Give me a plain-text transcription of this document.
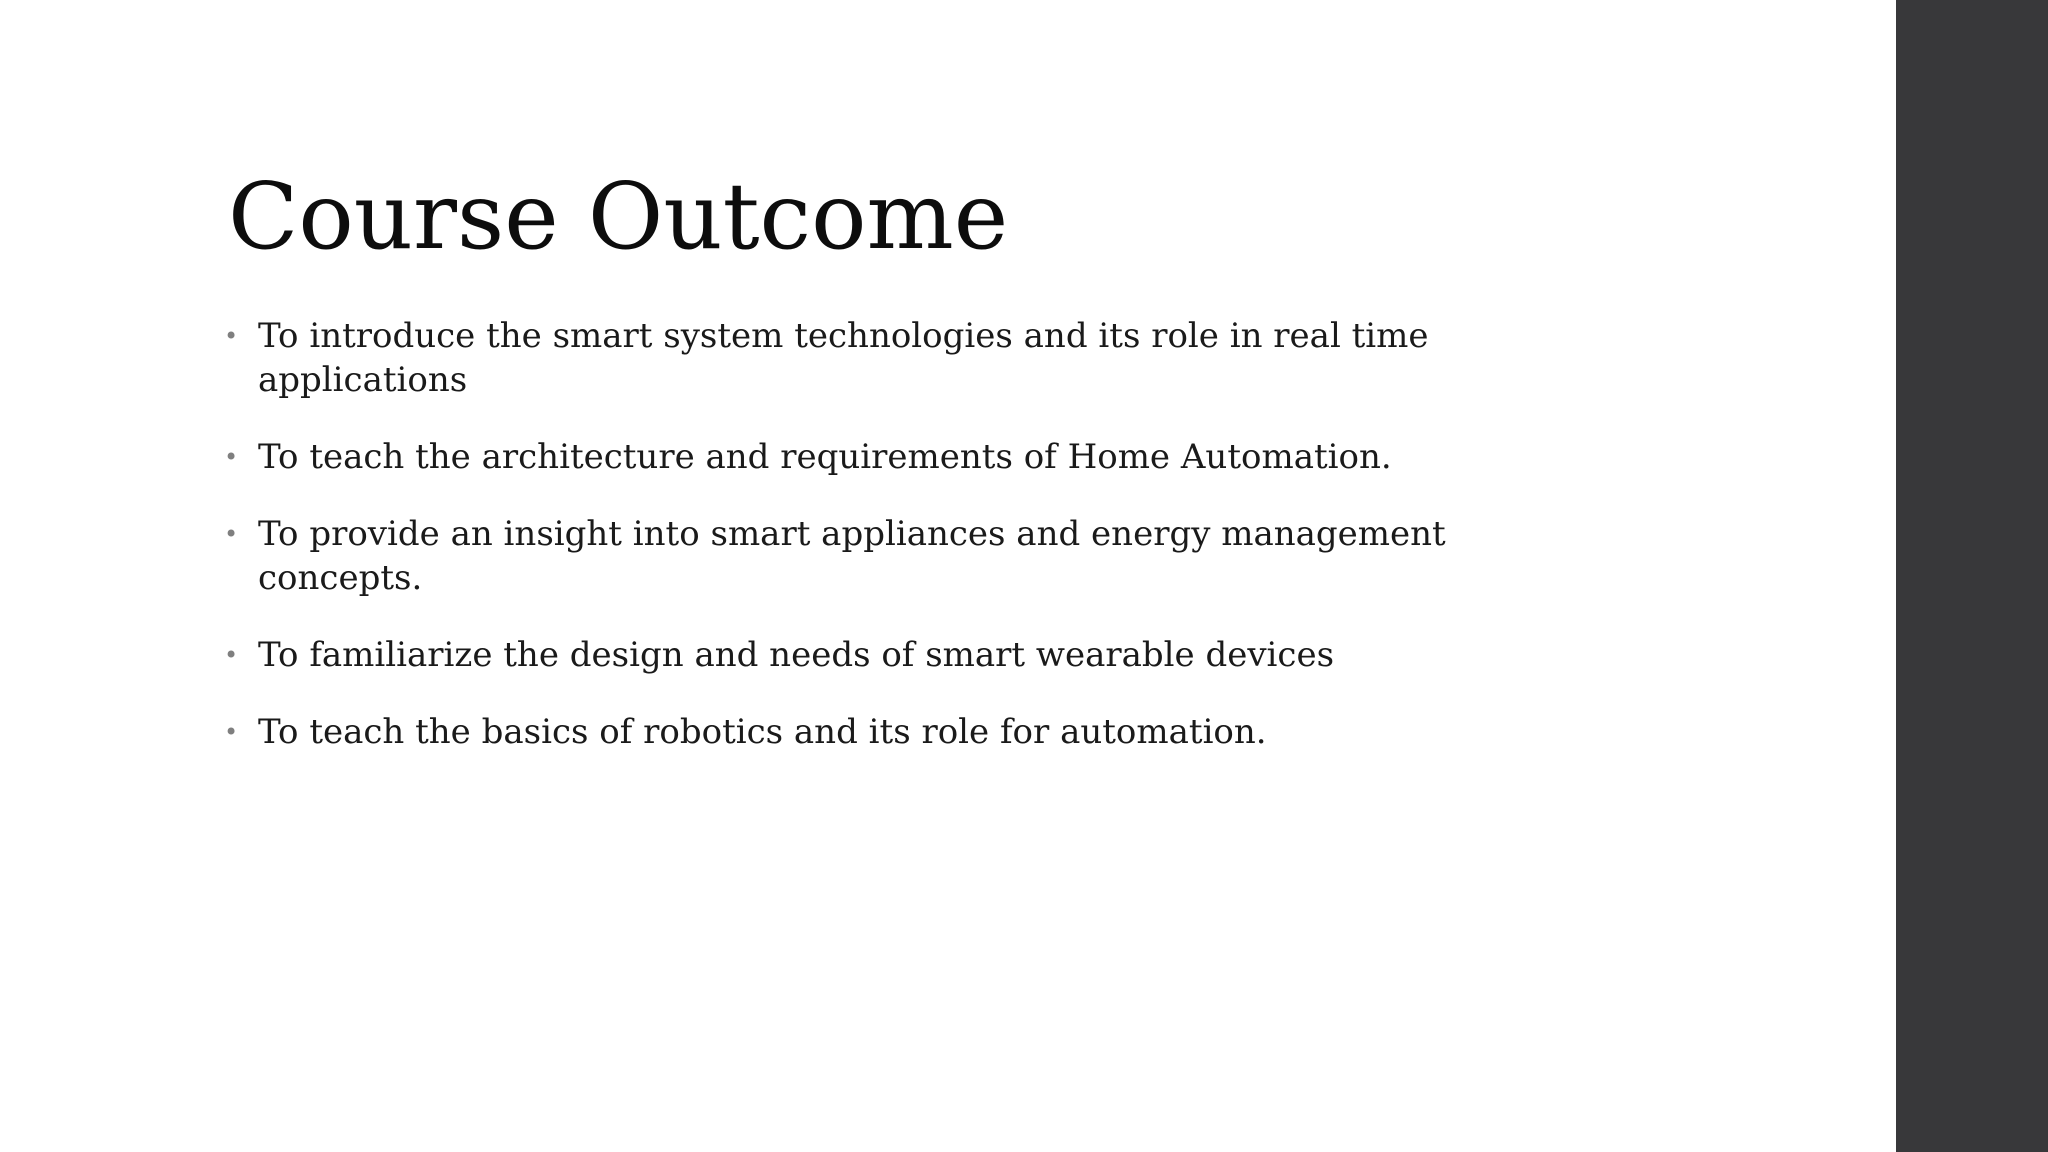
Course Outcome
• To introduce the smart system technologies and its role in real time applications
• To teach the architecture and requirements of Home Automation.
• To provide an insight into smart appliances and energy management concepts.
• To familiarize the design and needs of smart wearable devices
• To teach the basics of robotics and its role for automation.
